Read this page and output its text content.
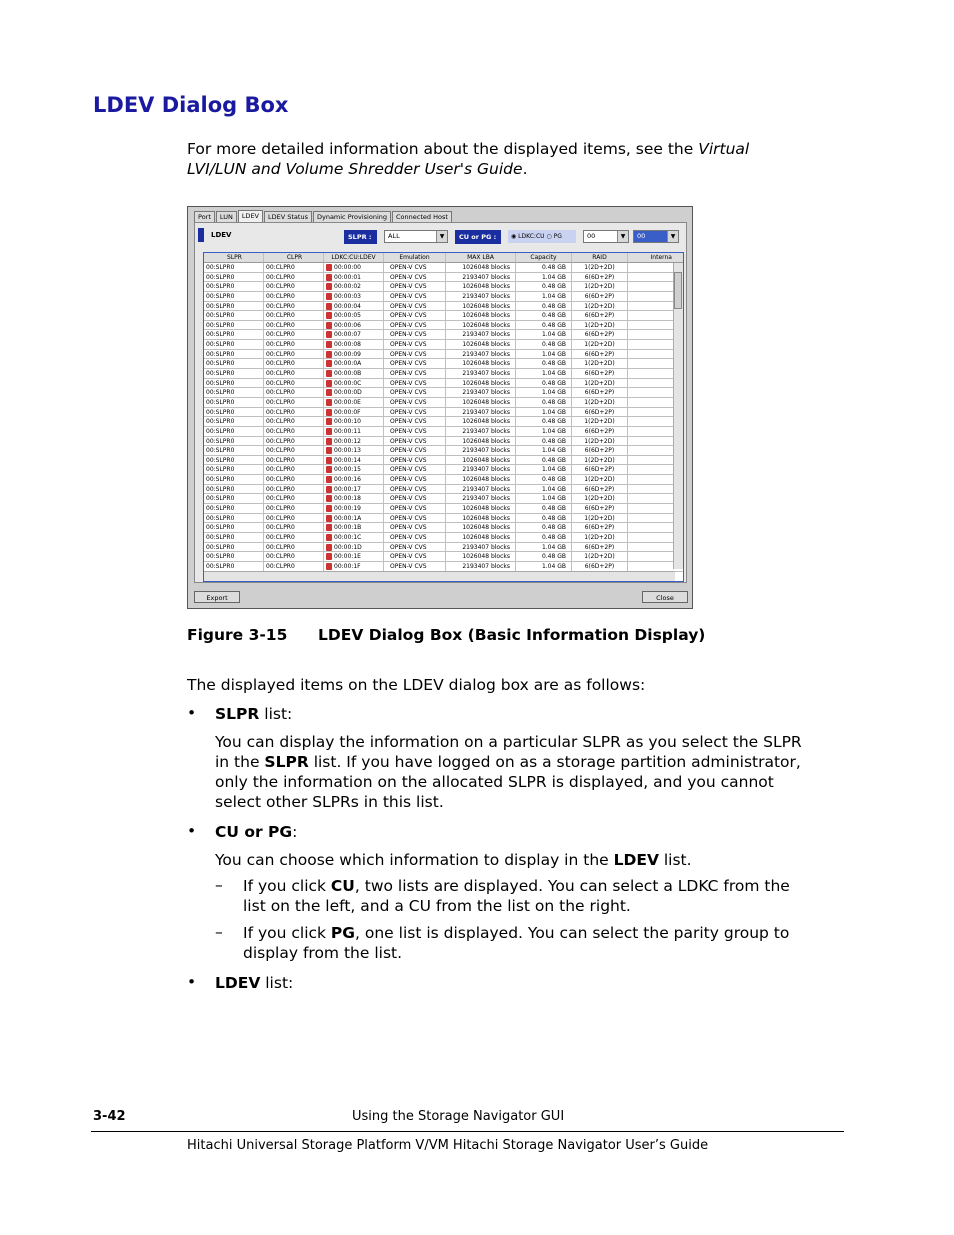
LDEV Dialog Box

For more detailed information about the displayed items, see the Virtual LVI/LUN and Volume Shredder User's Guide.

Port	LUN	LDEV	LDEV Status	Dynamic Provisioning	Connected Host
LDEV	SLPR :	ALL	▼	CU or PG :	◉ LDKC:CU ○ PG	00	▼	00	▼
SLPR	CLPR	LDKC:CU:LDEV	Emulation	MAX LBA	Capacity	RAID	Interna
00:SLPR0	00:CLPR0	00:00:00	OPEN-V CVS	1026048 blocks	0.48 GB	1(2D+2D)
00:SLPR0	00:CLPR0	00:00:01	OPEN-V CVS	2193407 blocks	1.04 GB	6(6D+2P)
00:SLPR0	00:CLPR0	00:00:02	OPEN-V CVS	1026048 blocks	0.48 GB	1(2D+2D)
00:SLPR0	00:CLPR0	00:00:03	OPEN-V CVS	2193407 blocks	1.04 GB	6(6D+2P)
00:SLPR0	00:CLPR0	00:00:04	OPEN-V CVS	1026048 blocks	0.48 GB	1(2D+2D)
00:SLPR0	00:CLPR0	00:00:05	OPEN-V CVS	1026048 blocks	0.48 GB	6(6D+2P)
00:SLPR0	00:CLPR0	00:00:06	OPEN-V CVS	1026048 blocks	0.48 GB	1(2D+2D)
00:SLPR0	00:CLPR0	00:00:07	OPEN-V CVS	2193407 blocks	1.04 GB	6(6D+2P)
00:SLPR0	00:CLPR0	00:00:08	OPEN-V CVS	1026048 blocks	0.48 GB	1(2D+2D)
00:SLPR0	00:CLPR0	00:00:09	OPEN-V CVS	2193407 blocks	1.04 GB	6(6D+2P)
00:SLPR0	00:CLPR0	00:00:0A	OPEN-V CVS	1026048 blocks	0.48 GB	1(2D+2D)
00:SLPR0	00:CLPR0	00:00:0B	OPEN-V CVS	2193407 blocks	1.04 GB	6(6D+2P)
00:SLPR0	00:CLPR0	00:00:0C	OPEN-V CVS	1026048 blocks	0.48 GB	1(2D+2D)
00:SLPR0	00:CLPR0	00:00:0D	OPEN-V CVS	2193407 blocks	1.04 GB	6(6D+2P)
00:SLPR0	00:CLPR0	00:00:0E	OPEN-V CVS	1026048 blocks	0.48 GB	1(2D+2D)
00:SLPR0	00:CLPR0	00:00:0F	OPEN-V CVS	2193407 blocks	1.04 GB	6(6D+2P)
00:SLPR0	00:CLPR0	00:00:10	OPEN-V CVS	1026048 blocks	0.48 GB	1(2D+2D)
00:SLPR0	00:CLPR0	00:00:11	OPEN-V CVS	2193407 blocks	1.04 GB	6(6D+2P)
00:SLPR0	00:CLPR0	00:00:12	OPEN-V CVS	1026048 blocks	0.48 GB	1(2D+2D)
00:SLPR0	00:CLPR0	00:00:13	OPEN-V CVS	2193407 blocks	1.04 GB	6(6D+2P)
00:SLPR0	00:CLPR0	00:00:14	OPEN-V CVS	1026048 blocks	0.48 GB	1(2D+2D)
00:SLPR0	00:CLPR0	00:00:15	OPEN-V CVS	2193407 blocks	1.04 GB	6(6D+2P)
00:SLPR0	00:CLPR0	00:00:16	OPEN-V CVS	1026048 blocks	0.48 GB	1(2D+2D)
00:SLPR0	00:CLPR0	00:00:17	OPEN-V CVS	2193407 blocks	1.04 GB	6(6D+2P)
00:SLPR0	00:CLPR0	00:00:18	OPEN-V CVS	2193407 blocks	1.04 GB	1(2D+2D)
00:SLPR0	00:CLPR0	00:00:19	OPEN-V CVS	1026048 blocks	0.48 GB	6(6D+2P)
00:SLPR0	00:CLPR0	00:00:1A	OPEN-V CVS	1026048 blocks	0.48 GB	1(2D+2D)
00:SLPR0	00:CLPR0	00:00:1B	OPEN-V CVS	1026048 blocks	0.48 GB	6(6D+2P)
00:SLPR0	00:CLPR0	00:00:1C	OPEN-V CVS	1026048 blocks	0.48 GB	1(2D+2D)
00:SLPR0	00:CLPR0	00:00:1D	OPEN-V CVS	2193407 blocks	1.04 GB	6(6D+2P)
00:SLPR0	00:CLPR0	00:00:1E	OPEN-V CVS	1026048 blocks	0.48 GB	1(2D+2D)
00:SLPR0	00:CLPR0	00:00:1F	OPEN-V CVS	2193407 blocks	1.04 GB	6(6D+2P)
Export	Close
Figure 3-15 LDEV Dialog Box (Basic Information Display)

The displayed items on the LDEV dialog box are as follows:

• SLPR list:

You can display the information on a particular SLPR as you select the SLPR
in the SLPR list. If you have logged on as a storage partition administrator,
only the information on the allocated SLPR is displayed, and you cannot
select other SLPRs in this list.

• CU or PG:

You can choose which information to display in the LDEV list.

– If you click CU, two lists are displayed. You can select a LDKC from the
list on the left, and a CU from the list on the right.

– If you click PG, one list is displayed. You can select the parity group to
display from the list.

• LDEV list:

3-42	Using the Storage Navigator GUI
Hitachi Universal Storage Platform V/VM Hitachi Storage Navigator User’s Guide
